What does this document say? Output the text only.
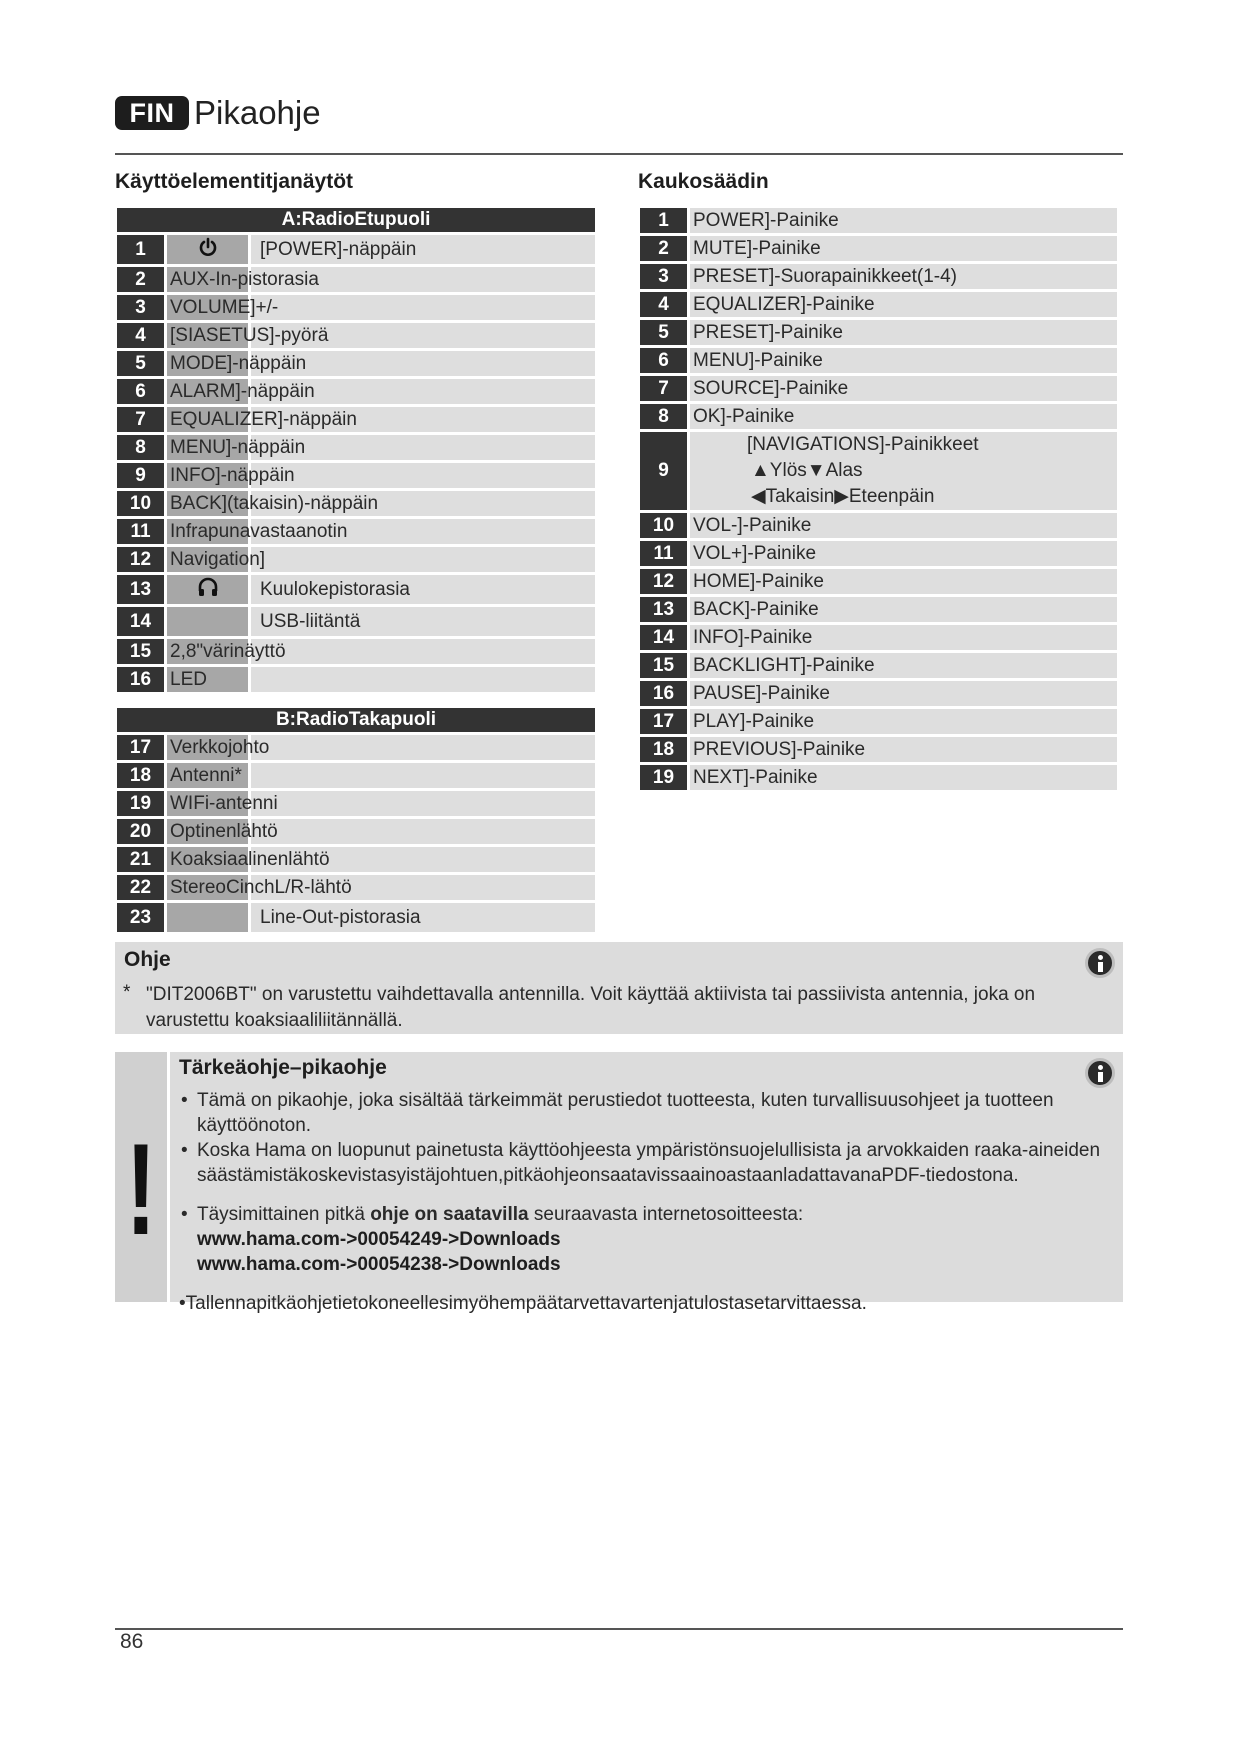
FIN Pikaohje
Käyttöelementitjanäytöt	Kaukosäädin
A:RadioEtupuoli		
1		[POWER]-näppäin
2	AUX-In-pistorasia	
3	VOLUME]+/-	
4	[SIASETUS]-pyörä	
5	MODE]-näppäin	
6	ALARM]-näppäin	
7	EQUALIZER]-näppäin	
8	MENU]-näppäin	
9	INFO]-näppäin	
10	BACK](takaisin)-näppäin	
11	Infrapunavastaanotin	
12	Navigation]	
13		Kuulokepistorasia
14		USB-liitäntä
15	2,8"värinäyttö	
16	LED	

B:RadioTakapuoli		
17	Verkkojohto	
18	Antenni*	
19	WIFi-antenni	
20	Optinenlähtö	
21	Koaksiaalinenlähtö	
22	StereoCinchL/R-lähtö	
23		Line-Out-pistorasia
1	POWER]-Painike
2	MUTE]-Painike
3	PRESET]-Suorapainikkeet(1-4)
4	EQUALIZER]-Painike
5	PRESET]-Painike
6	MENU]-Painike
7	SOURCE]-Painike
8	OK]-Painike
9	[NAVIGATIONS]-Painikkeet
▲Ylös▼Alas
◀Takaisin▶Eteenpäin

10	VOL-]-Painike
11	VOL+]-Painike
12	HOME]-Painike
13	BACK]-Painike
14	INFO]-Painike
15	BACKLIGHT]-Painike
16	PAUSE]-Painike
17	PLAY]-Painike
18	PREVIOUS]-Painike
19	NEXT]-Painike
Ohje
* "DIT2006BT" on varustettu vaihdettavalla antennilla. Voit käyttää aktiivista tai passiivista antennia, joka on varustettu koaksiaaliliitännällä.
!
Tärkeäohje–pikaohje
• Tämä on pikaohje, joka sisältää tärkeimmät perustiedot tuotteesta, kuten turvallisuusohjeet ja tuotteen käyttöönoton.
• Koska Hama on luopunut painetusta käyttöohjeesta ympäristönsuojelullisista ja arvokkaiden raaka-aineiden säästämistäkoskevistasyistäjohtuen,pitkäohjeonsaatavissaainoastaanladattavanaPDF-tiedostona.
• Täysimittainen pitkä ohje on saatavilla seuraavasta internetosoitteesta:
www.hama.com->00054249->Downloads
www.hama.com->00054238->Downloads
•Tallennapitkäohjetietokoneellesimyöhempäätarvettavartenjatulostasetarvittaessa.
86
